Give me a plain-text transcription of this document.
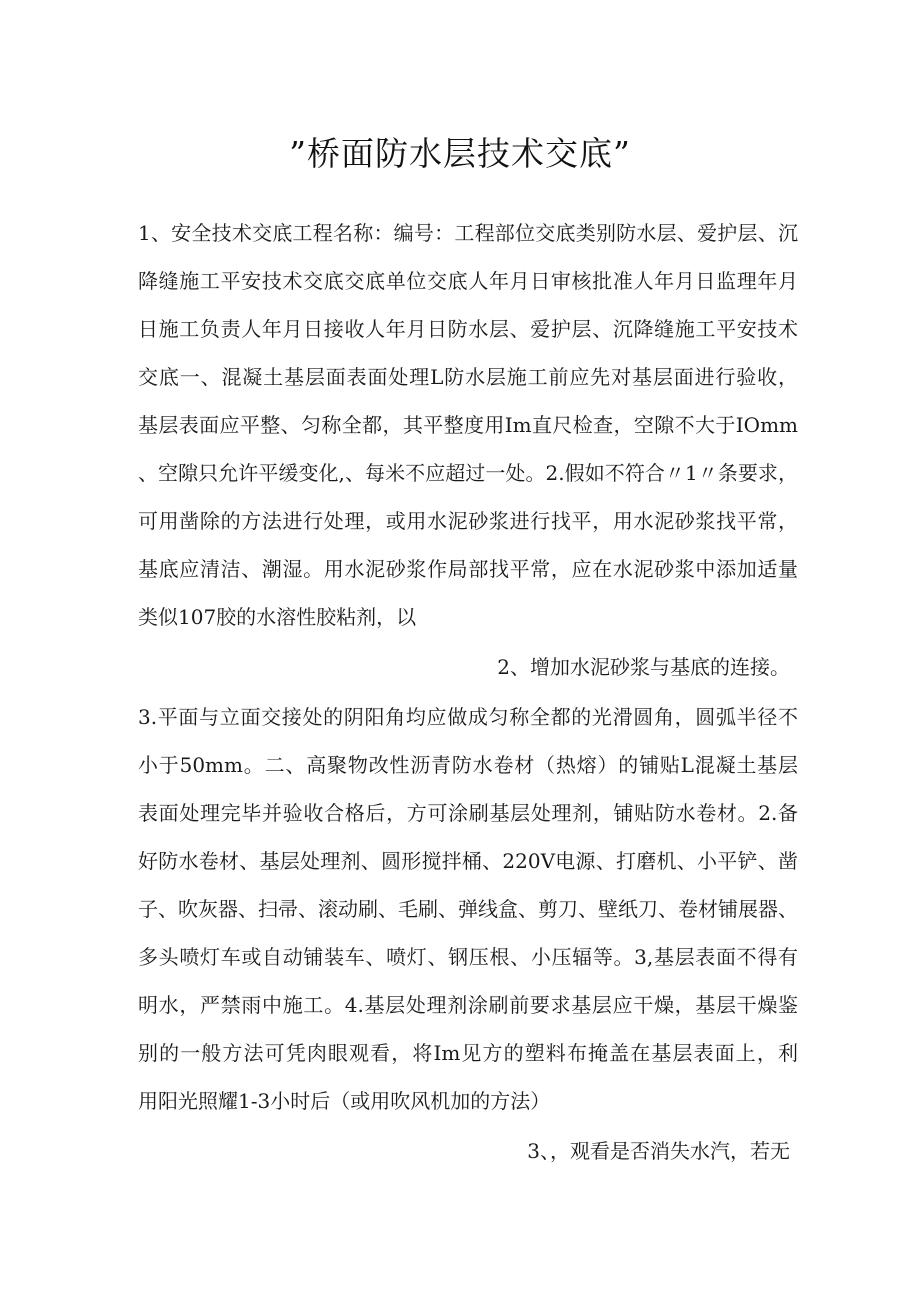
”桥面防水层技术交底”
1、安全技术交底工程名称：编号：工程部位交底类别防水层、爱护层、沉
降缝施工平安技术交底交底单位交底人年月日审核批准人年月日监理年月
日施工负责人年月日接收人年月日防水层、爱护层、沉降缝施工平安技术
交底一、混凝土基层面表面处理L防水层施工前应先对基层面进行验收，
基层表面应平整、匀称全都，其平整度用Im直尺检查，空隙不大于IOmm
、空隙只允许平缓变化,、每米不应超过一处。2.假如不符合〃1〃条要求，
可用凿除的方法进行处理，或用水泥砂浆进行找平，用水泥砂浆找平常，
基底应清洁、潮湿。用水泥砂浆作局部找平常，应在水泥砂浆中添加适量
类似107胶的水溶性胶粘剂，以
2、增加水泥砂浆与基底的连接。
3.平面与立面交接处的阴阳角均应做成匀称全都的光滑圆角，圆弧半径不
小于50mm。二、高聚物改性沥青防水卷材（热熔）的铺贴L混凝土基层
表面处理完毕并验收合格后，方可涂刷基层处理剂，铺贴防水卷材。2.备
好防水卷材、基层处理剂、圆形搅拌桶、220V电源、打磨机、小平铲、凿
子、吹灰器、扫帚、滚动刷、毛刷、弹线盒、剪刀、壁纸刀、卷材铺展器、
多头喷灯车或自动铺装车、喷灯、钢压根、小压辐等。3,基层表面不得有
明水，严禁雨中施工。4.基层处理剂涂刷前要求基层应干燥，基层干燥鉴
别的一般方法可凭肉眼观看，将Im见方的塑料布掩盖在基层表面上，利
用阳光照耀1-3小时后（或用吹风机加的方法）
3、，观看是否消失水汽，若无
